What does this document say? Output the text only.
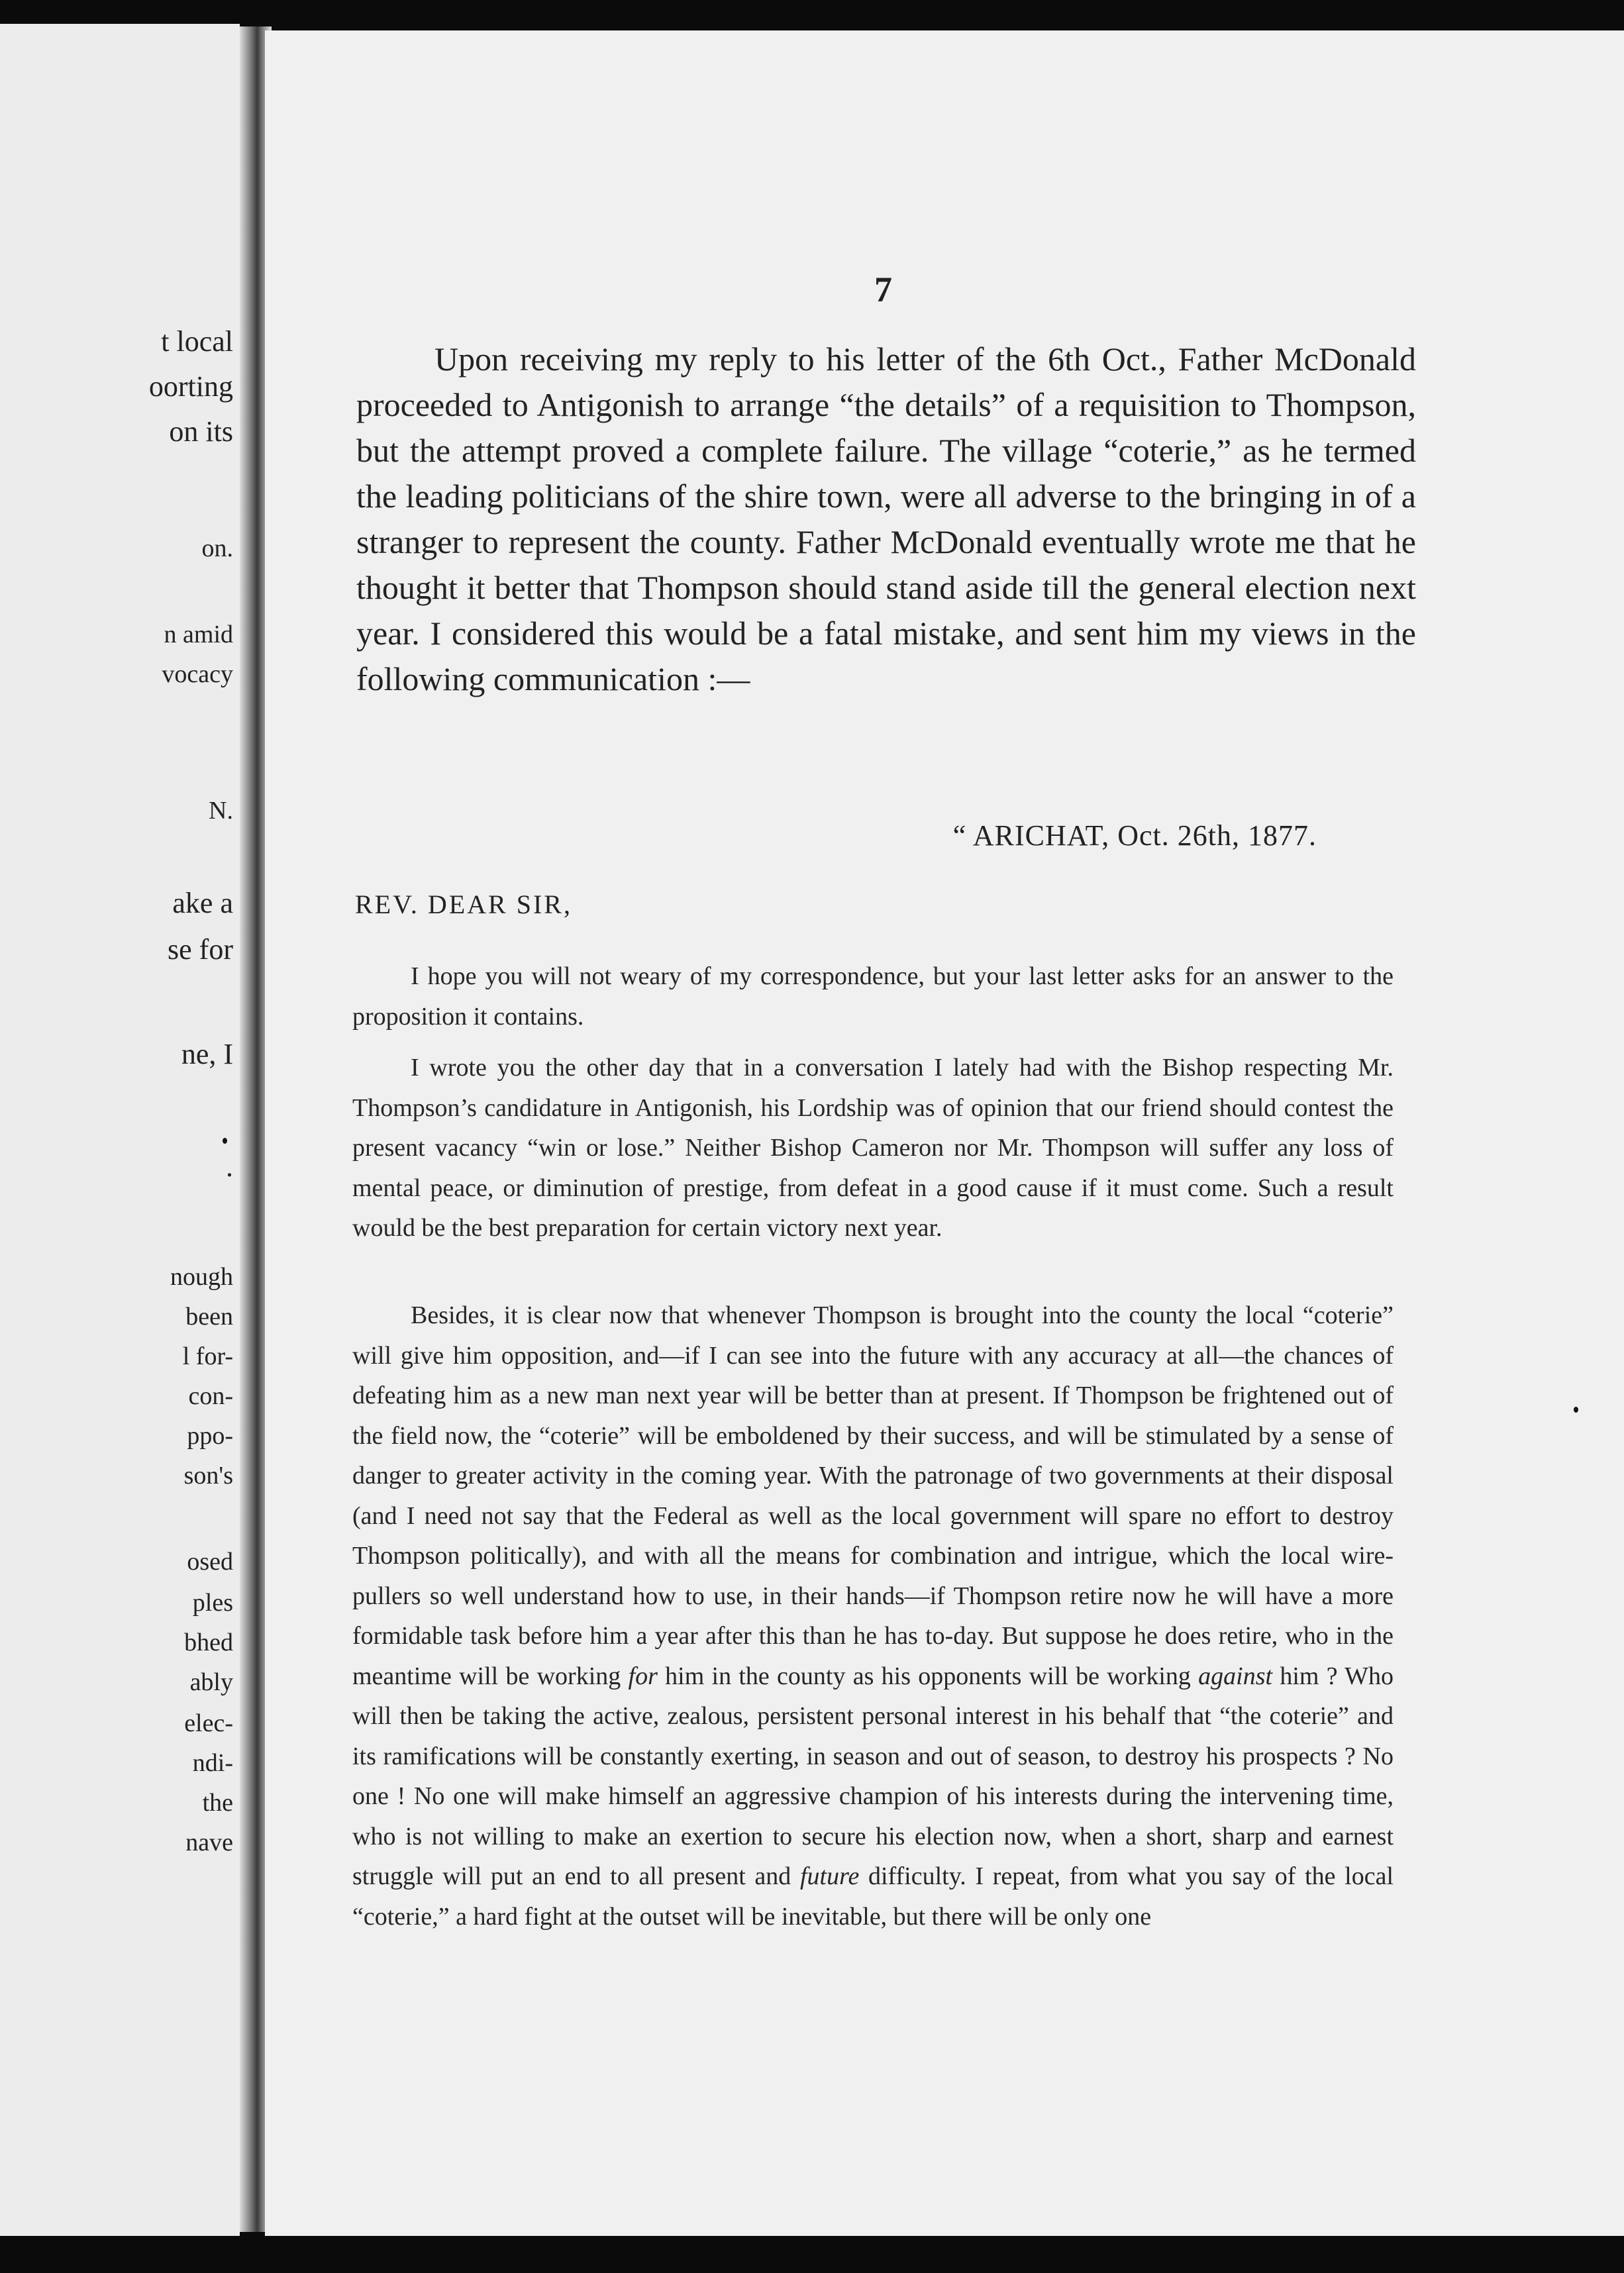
t local
oorting
on its
on.
n amid
vocacy
N.
ake a
se for
ne, I
.
nough
been
l for-
con-
ppo-
son's
osed
ples
bhed
ably
elec-
ndi-
the
nave
7

Upon receiving my reply to his letter of the 6th Oct., Father McDonald proceeded to Antigonish to arrange “the details” of a requisition to Thompson, but the attempt proved a complete failure. The village “coterie,” as he termed the leading politicians of the shire town, were all adverse to the bringing in of a stranger to represent the county. Father McDonald eventually wrote me that he thought it better that Thompson should stand aside till the general election next year. I considered this would be a fatal mistake, and sent him my views in the following communication :—

“ ARICHAT, Oct. 26th, 1877.
REV. DEAR SIR,

I hope you will not weary of my correspondence, but your last letter asks for an answer to the proposition it contains.

I wrote you the other day that in a conversation I lately had with the Bishop respecting Mr. Thompson’s candidature in Antigonish, his Lordship was of opinion that our friend should contest the present vacancy “win or lose.” Neither Bishop Cameron nor Mr. Thompson will suffer any loss of mental peace, or diminution of prestige, from defeat in a good cause if it must come. Such a result would be the best preparation for certain victory next year.

Besides, it is clear now that whenever Thompson is brought into the county the local “coterie” will give him opposition, and—if I can see into the future with any accuracy at all—the chances of defeating him as a new man next year will be better than at present. If Thompson be frightened out of the field now, the “coterie” will be emboldened by their success, and will be stimulated by a sense of danger to greater activity in the coming year. With the patronage of two governments at their disposal (and I need not say that the Federal as well as the local government will spare no effort to destroy Thompson politically), and with all the means for combination and intrigue, which the local wire-pullers so well understand how to use, in their hands—if Thompson retire now he will have a more formidable task before him a year after this than he has to-day. But suppose he does retire, who in the meantime will be working for him in the county as his opponents will be working against him ? Who will then be taking the active, zealous, persistent personal interest in his behalf that “the coterie” and its ramifications will be constantly exerting, in season and out of season, to destroy his prospects ? No one ! No one will make himself an aggressive champion of his interests during the intervening time, who is not willing to make an exertion to secure his election now, when a short, sharp and earnest struggle will put an end to all present and future difficulty. I repeat, from what you say of the local “coterie,” a hard fight at the outset will be inevitable, but there will be only one
